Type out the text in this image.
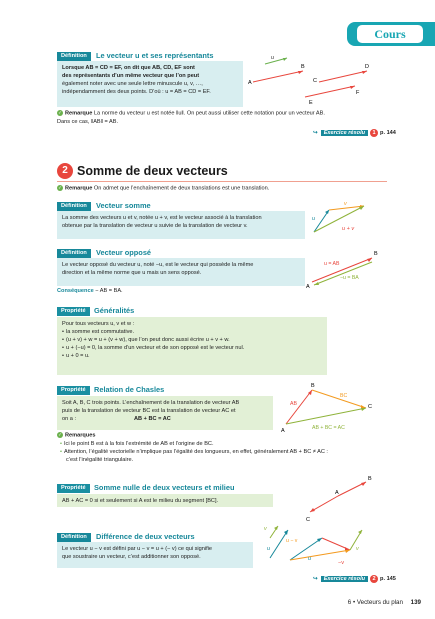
Cours
Définition	Le vecteur u et ses représentants
Lorsque AB = CD = EF, on dit que AB, CD, EF sont
des représentants d’un même vecteur que l’on peut
également noter avec une seule lettre minuscule u, v, …,
indépendamment des deux points. D’où : u = AB = CD = EF.
u
A
B
C
D
E
F
✓ Remarque La norme du vecteur u est notée ‖u‖. On peut aussi utiliser cette notation pour un vecteur AB.
Dans ce cas, ‖AB‖ = AB.
↪ Exercice résolu 1 p. 144
2 Somme de deux vecteurs
✓ Remarque On admet que l’enchaînement de deux translations est une translation.
Définition	Vecteur somme
La somme des vecteurs u et v, notée u + v, est le vecteur associé à la translation
obtenue par la translation de vecteur u suivie de la translation de vecteur v.
u
v
u + v
Définition	Vecteur opposé
Le vecteur opposé du vecteur u, noté −u, est le vecteur qui possède la même
direction et la même norme que u mais un sens opposé.
Conséquence − AB = BA.
u = AB
−u = BA
A
B
Propriété	Généralités
Pour tous vecteurs u, v et w :
• la somme est commutative.
• (u + v) + w = u + (v + w), que l’on peut donc aussi écrire u + v + w.
• u + (−u) = 0, la somme d’un vecteur et de son opposé est le vecteur nul.
• u + 0 = u.
Propriété	Relation de Chasles
Soit A, B, C trois points. L’enchaînement de la translation de vecteur AB
puis de la translation de vecteur BC est la translation de vecteur AC et
on a :	AB + BC = AC
B
AB
BC
C
A	AB + BC = AC
✓ Remarques
• Ici le point B est à la fois l’extrémité de AB et l’origine de BC.
• Attention, l’égalité vectorielle n’implique pas l’égalité des longueurs, en effet, généralement AB + BC ≠ AC :
c’est l’inégalité triangulaire.
Propriété	Somme nulle de deux vecteurs et milieu
AB + AC = 0 si et seulement si A est le milieu du segment [BC].
B
A
C
Définition	Différence de deux vecteurs
Le vecteur u − v est défini par u − v = u + (− v) ce qui signifie
que soustraire un vecteur, c’est additionner son opposé.
v
u
u − v
u
v
−v
↪ Exercice résolu 2 p. 145
6 • Vecteurs du plan 139
